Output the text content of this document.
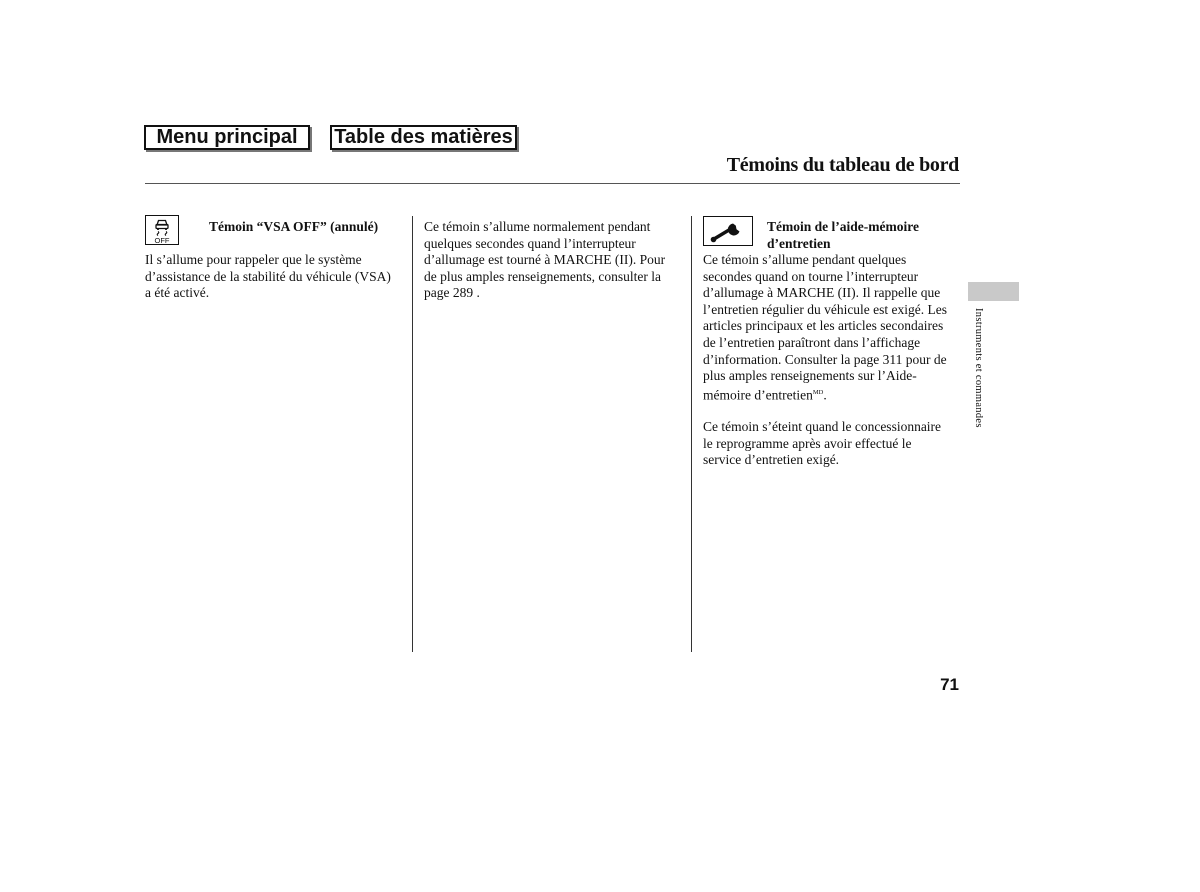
Menu principal	Table des matières
Témoins du tableau de bord
OFF
Témoin “VSA OFF” (annulé)

Il s’allume pour rappeler que le système
d’assistance de la stabilité du véhicule (VSA)
a été activé.

Ce témoin s’allume normalement pendant
quelques secondes quand l’interrupteur
d’allumage est tourné à MARCHE (II). Pour
de plus amples renseignements, consulter la
page 289 .

Témoin de l’aide-mémoire d’entretien

Ce témoin s’allume pendant quelques
secondes quand on tourne l’interrupteur
d’allumage à MARCHE (II). Il rappelle que
l’entretien régulier du véhicule est exigé. Les
articles principaux et les articles secondaires
de l’entretien paraîtront dans l’affichage
d’information. Consulter la page 311 pour de
plus amples renseignements sur l’Aide-
mémoire d’entretien$^{MD}$.

Ce témoin s’éteint quand le concessionnaire
le reprogramme après avoir effectué le
service d’entretien exigé.

Instruments et commandes
71
